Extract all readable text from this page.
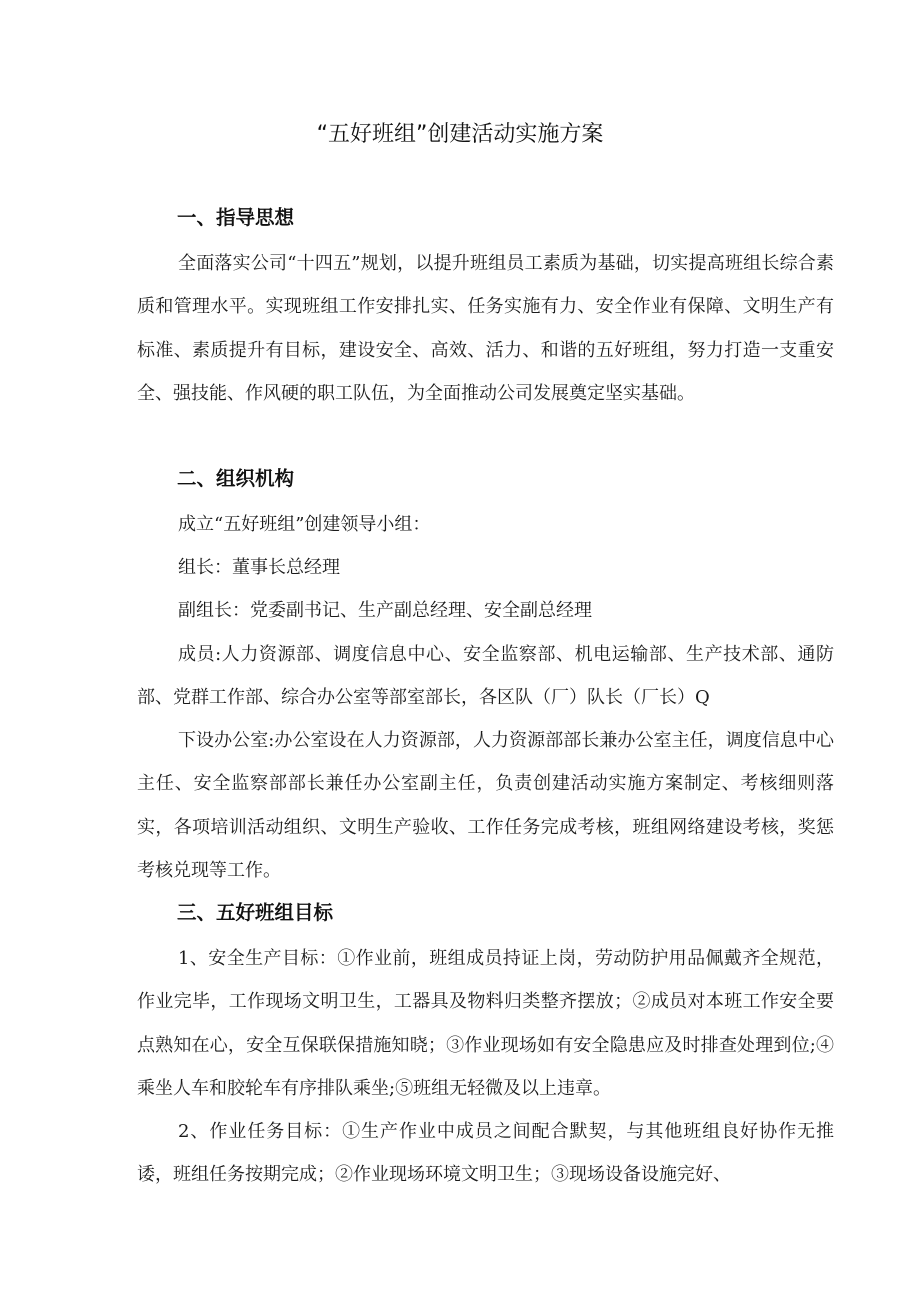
“五好班组”创建活动实施方案
一、指导思想
全面落实公司“十四五”规划，以提升班组员工素质为基础，切实提高班组长综合素质和管理水平。实现班组工作安排扎实、任务实施有力、安全作业有保障、文明生产有标准、素质提升有目标，建设安全、高效、活力、和谐的五好班组，努力打造一支重安全、强技能、作风硬的职工队伍，为全面推动公司发展奠定坚实基础。
二、组织机构
成立“五好班组”创建领导小组：
组长：董事长总经理
副组长：党委副书记、生产副总经理、安全副总经理
成员:人力资源部、调度信息中心、安全监察部、机电运输部、生产技术部、通防部、党群工作部、综合办公室等部室部长，各区队（厂）队长（厂长）Q
下设办公室:办公室设在人力资源部，人力资源部部长兼办公室主任，调度信息中心主任、安全监察部部长兼任办公室副主任，负责创建活动实施方案制定、考核细则落实，各项培训活动组织、文明生产验收、工作任务完成考核，班组网络建设考核，奖惩考核兑现等工作。
三、五好班组目标
1、安全生产目标：①作业前，班组成员持证上岗，劳动防护用品佩戴齐全规范，作业完毕，工作现场文明卫生，工器具及物料归类整齐摆放；②成员对本班工作安全要点熟知在心，安全互保联保措施知晓；③作业现场如有安全隐患应及时排查处理到位;④乘坐人车和胶轮车有序排队乘坐;⑤班组无轻微及以上违章。
2、作业任务目标：①生产作业中成员之间配合默契，与其他班组良好协作无推诿，班组任务按期完成；②作业现场环境文明卫生；③现场设备设施完好、
